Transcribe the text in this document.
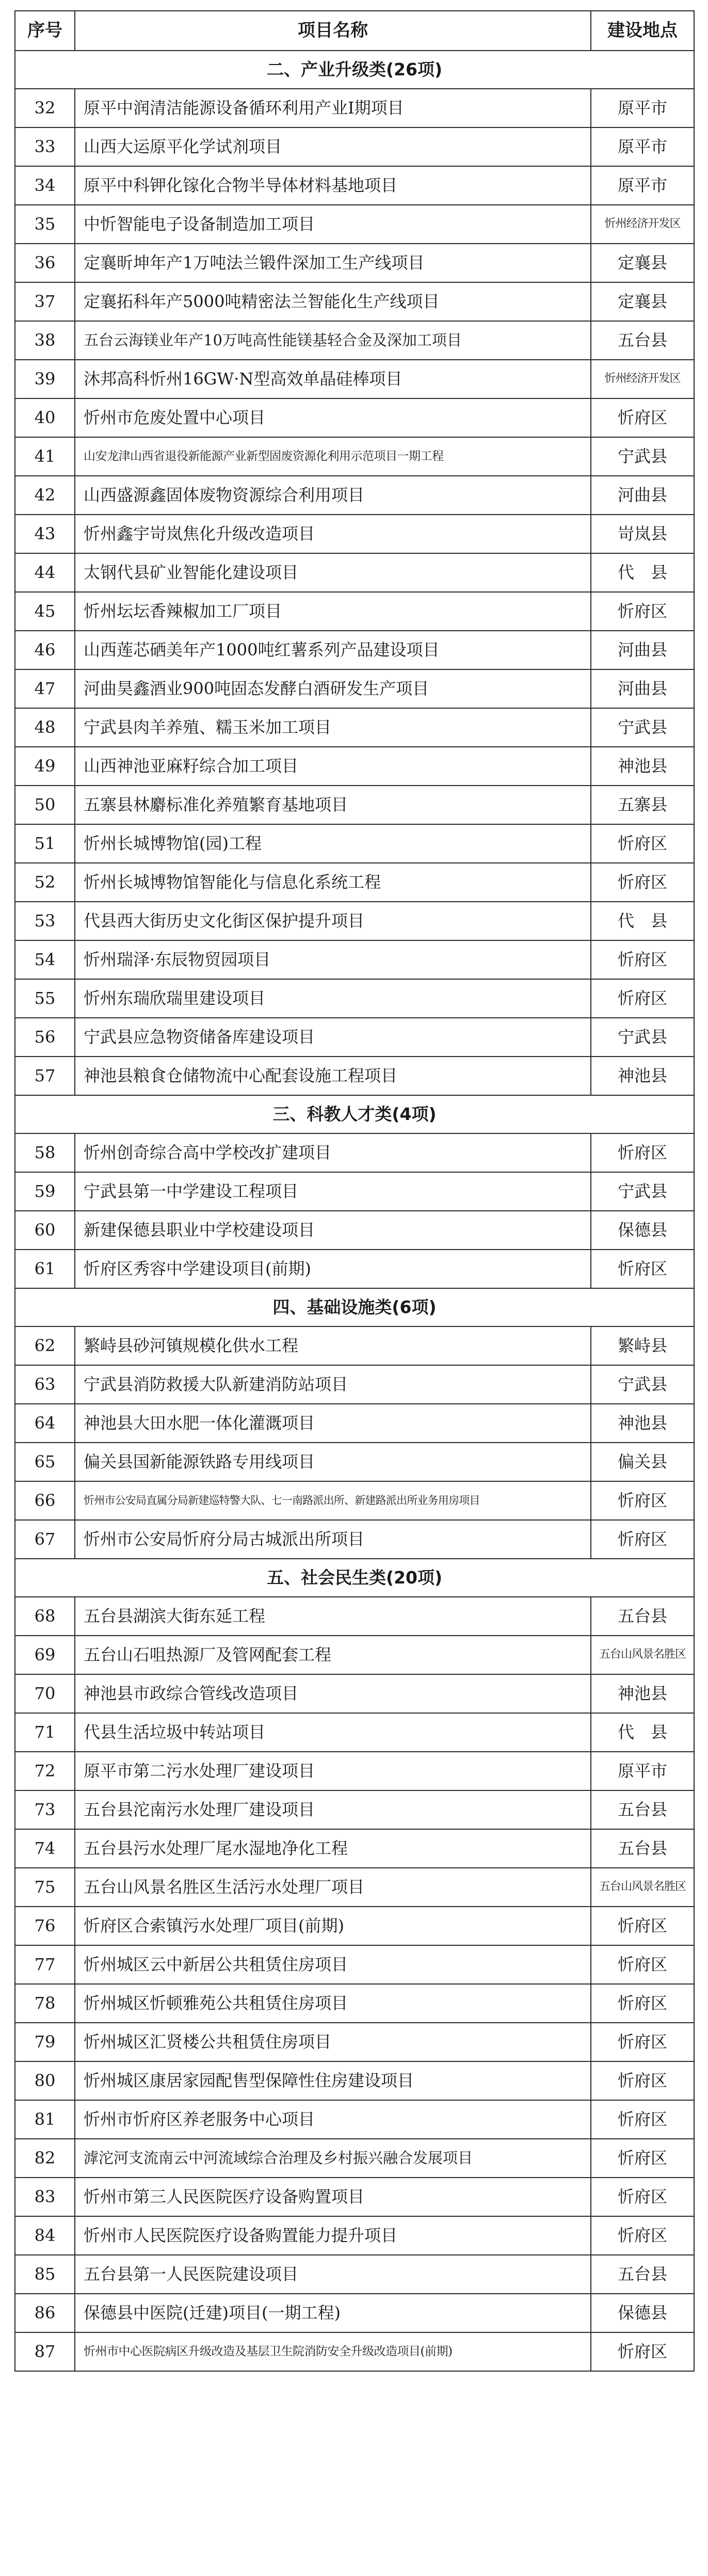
序号	项目名称	建设地点
二、产业升级类(26项)		
32	原平中润清洁能源设备循环利用产业I期项目	原平市
33	山西大运原平化学试剂项目	原平市
34	原平中科钾化镓化合物半导体材料基地项目	原平市
35	中忻智能电子设备制造加工项目	忻州经济开发区
36	定襄昕坤年产1万吨法兰锻件深加工生产线项目	定襄县
37	定襄拓科年产5000吨精密法兰智能化生产线项目	定襄县
38	五台云海镁业年产10万吨高性能镁基轻合金及深加工项目	五台县
39	沐邦高科忻州16GW·N型高效单晶硅棒项目	忻州经济开发区
40	忻州市危废处置中心项目	忻府区
41	山安龙津山西省退役新能源产业新型固废资源化利用示范项目一期工程	宁武县
42	山西盛源鑫固体废物资源综合利用项目	河曲县
43	忻州鑫宇岢岚焦化升级改造项目	岢岚县
44	太钢代县矿业智能化建设项目	代　县
45	忻州坛坛香辣椒加工厂项目	忻府区
46	山西莲芯硒美年产1000吨红薯系列产品建设项目	河曲县
47	河曲昊鑫酒业900吨固态发酵白酒研发生产项目	河曲县
48	宁武县肉羊养殖、糯玉米加工项目	宁武县
49	山西神池亚麻籽综合加工项目	神池县
50	五寨县林麝标准化养殖繁育基地项目	五寨县
51	忻州长城博物馆(园)工程	忻府区
52	忻州长城博物馆智能化与信息化系统工程	忻府区
53	代县西大街历史文化街区保护提升项目	代　县
54	忻州瑞泽·东辰物贸园项目	忻府区
55	忻州东瑞欣瑞里建设项目	忻府区
56	宁武县应急物资储备库建设项目	宁武县
57	神池县粮食仓储物流中心配套设施工程项目	神池县
三、科教人才类(4项)		
58	忻州创奇综合高中学校改扩建项目	忻府区
59	宁武县第一中学建设工程项目	宁武县
60	新建保德县职业中学校建设项目	保德县
61	忻府区秀容中学建设项目(前期)	忻府区
四、基础设施类(6项)		
62	繁峙县砂河镇规模化供水工程	繁峙县
63	宁武县消防救援大队新建消防站项目	宁武县
64	神池县大田水肥一体化灌溉项目	神池县
65	偏关县国新能源铁路专用线项目	偏关县
66	忻州市公安局直属分局新建巡特警大队、七一南路派出所、新建路派出所业务用房项目	忻府区
67	忻州市公安局忻府分局古城派出所项目	忻府区
五、社会民生类(20项)		
68	五台县湖滨大街东延工程	五台县
69	五台山石咀热源厂及管网配套工程	五台山风景名胜区
70	神池县市政综合管线改造项目	神池县
71	代县生活垃圾中转站项目	代　县
72	原平市第二污水处理厂建设项目	原平市
73	五台县沱南污水处理厂建设项目	五台县
74	五台县污水处理厂尾水湿地净化工程	五台县
75	五台山风景名胜区生活污水处理厂项目	五台山风景名胜区
76	忻府区合索镇污水处理厂项目(前期)	忻府区
77	忻州城区云中新居公共租赁住房项目	忻府区
78	忻州城区忻顿雅苑公共租赁住房项目	忻府区
79	忻州城区汇贤楼公共租赁住房项目	忻府区
80	忻州城区康居家园配售型保障性住房建设项目	忻府区
81	忻州市忻府区养老服务中心项目	忻府区
82	滹沱河支流南云中河流域综合治理及乡村振兴融合发展项目	忻府区
83	忻州市第三人民医院医疗设备购置项目	忻府区
84	忻州市人民医院医疗设备购置能力提升项目	忻府区
85	五台县第一人民医院建设项目	五台县
86	保德县中医院(迁建)项目(一期工程)	保德县
87	忻州市中心医院病区升级改造及基层卫生院消防安全升级改造项目(前期)	忻府区
